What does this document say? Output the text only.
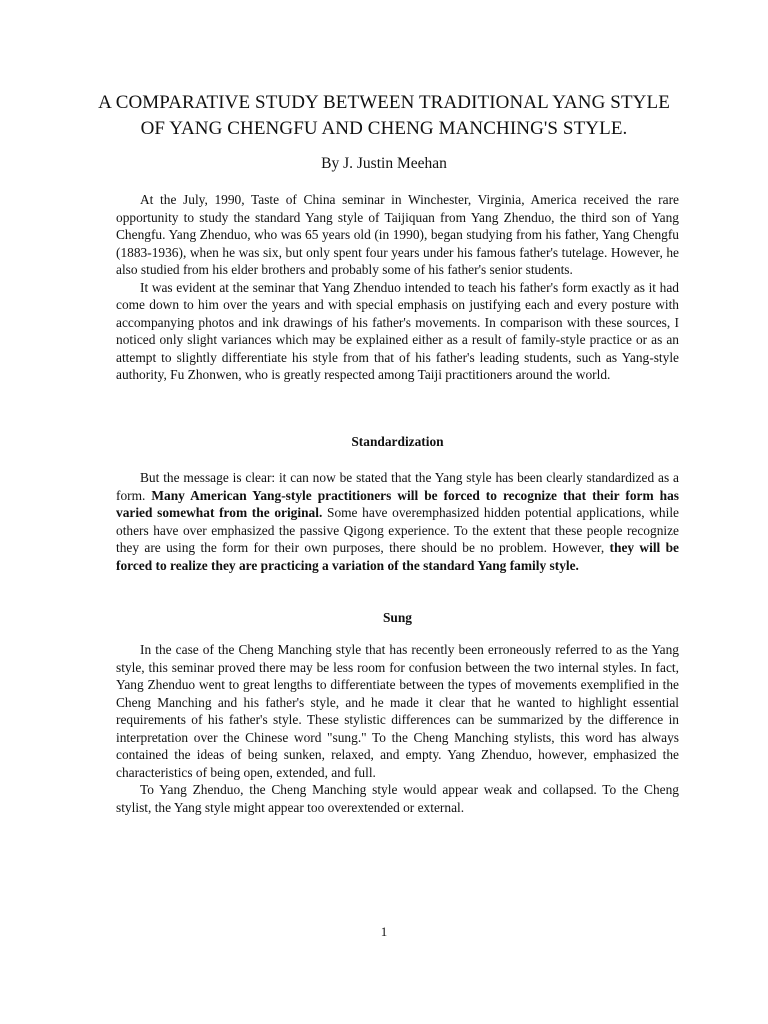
A COMPARATIVE STUDY BETWEEN TRADITIONAL YANG STYLE OF YANG CHENGFU AND CHENG MANCHING'S STYLE.
By J. Justin Meehan

At the July, 1990, Taste of China seminar in Winchester, Virginia, America received the rare opportunity to study the standard Yang style of Taijiquan from Yang Zhenduo, the third son of Yang Chengfu. Yang Zhenduo, who was 65 years old (in 1990), began studying from his father, Yang Chengfu (1883-1936), when he was six, but only spent four years under his famous father's tutelage. However, he also studied from his elder brothers and probably some of his father's senior students.

It was evident at the seminar that Yang Zhenduo intended to teach his father's form exactly as it had come down to him over the years and with special emphasis on justifying each and every posture with accompanying photos and ink drawings of his father's movements. In comparison with these sources, I noticed only slight variances which may be explained either as a result of family-style practice or as an attempt to slightly differentiate his style from that of his father's leading students, such as Yang-style authority, Fu Zhonwen, who is greatly respected among Taiji practitioners around the world.

Standardization

But the message is clear: it can now be stated that the Yang style has been clearly standardized as a form. Many American Yang-style practitioners will be forced to recognize that their form has varied somewhat from the original. Some have overemphasized hidden potential applications, while others have over emphasized the passive Qigong experience. To the extent that these people recognize they are using the form for their own purposes, there should be no problem. However, they will be forced to realize they are practicing a variation of the standard Yang family style.

Sung

In the case of the Cheng Manching style that has recently been erroneously referred to as the Yang style, this seminar proved there may be less room for confusion between the two internal styles. In fact, Yang Zhenduo went to great lengths to differentiate between the types of movements exemplified in the Cheng Manching and his father's style, and he made it clear that he wanted to highlight essential requirements of his father's style. These stylistic differences can be summarized by the difference in interpretation over the Chinese word "sung." To the Cheng Manching stylists, this word has always contained the ideas of being sunken, relaxed, and empty. Yang Zhenduo, however, emphasized the characteristics of being open, extended, and full.

To Yang Zhenduo, the Cheng Manching style would appear weak and collapsed. To the Cheng stylist, the Yang style might appear too overextended or external.

1
